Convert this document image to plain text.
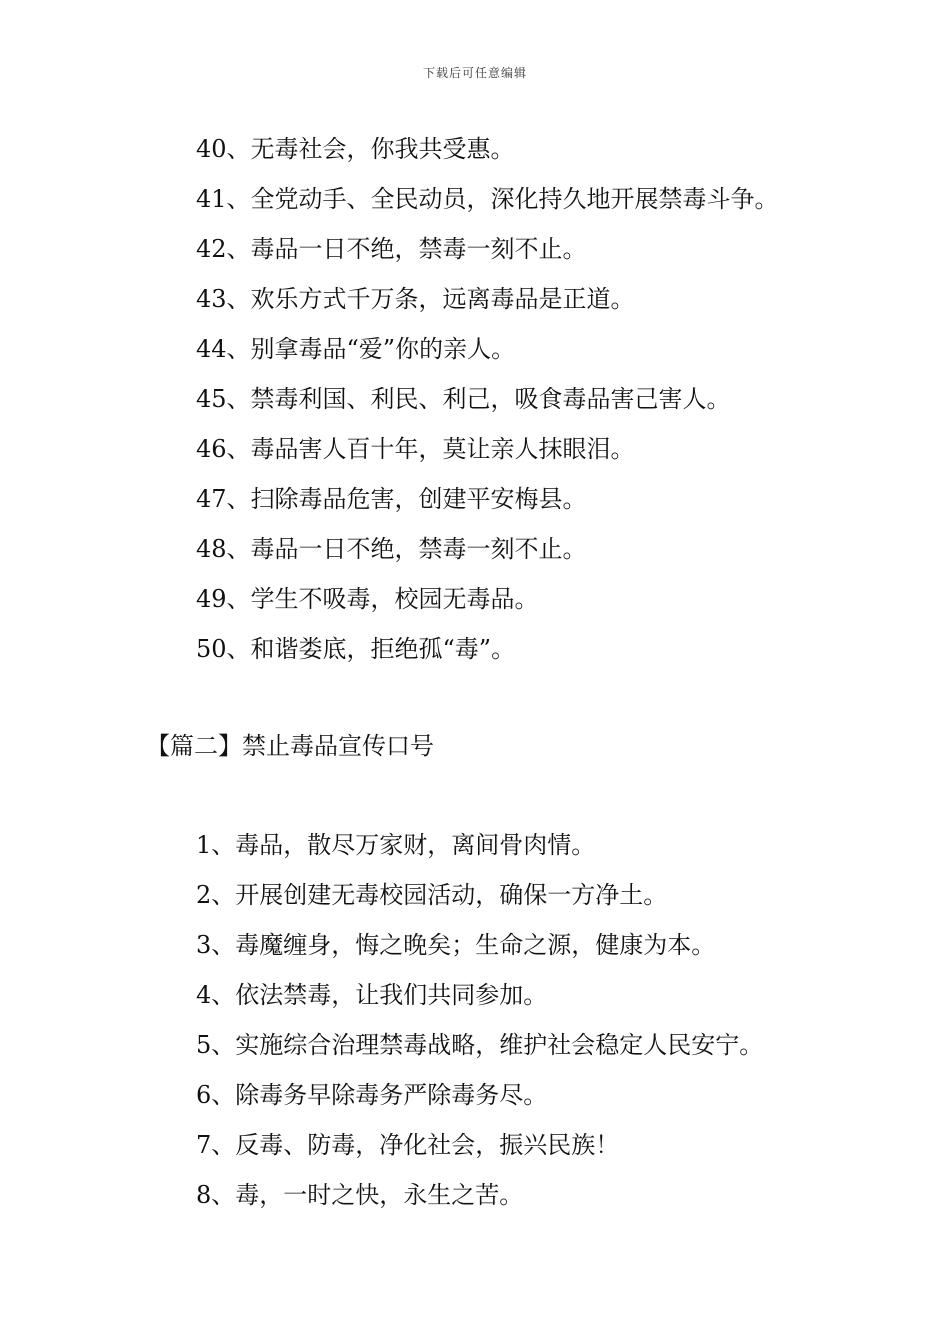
下载后可任意编辑
40、无毒社会，你我共受惠。
41、全党动手、全民动员，深化持久地开展禁毒斗争。
42、毒品一日不绝，禁毒一刻不止。
43、欢乐方式千万条，远离毒品是正道。
44、别拿毒品“爱”你的亲人。
45、禁毒利国、利民、利己，吸食毒品害己害人。
46、毒品害人百十年，莫让亲人抹眼泪。
47、扫除毒品危害，创建平安梅县。
48、毒品一日不绝，禁毒一刻不止。
49、学生不吸毒，校园无毒品。
50、和谐娄底，拒绝孤“毒”。
【篇二】禁止毒品宣传口号
1、毒品，散尽万家财，离间骨肉情。
2、开展创建无毒校园活动，确保一方净土。
3、毒魔缠身，悔之晚矣；生命之源，健康为本。
4、依法禁毒，让我们共同参加。
5、实施综合治理禁毒战略，维护社会稳定人民安宁。
6、除毒务早除毒务严除毒务尽。
7、反毒、防毒，净化社会，振兴民族！
8、毒，一时之快，永生之苦。
